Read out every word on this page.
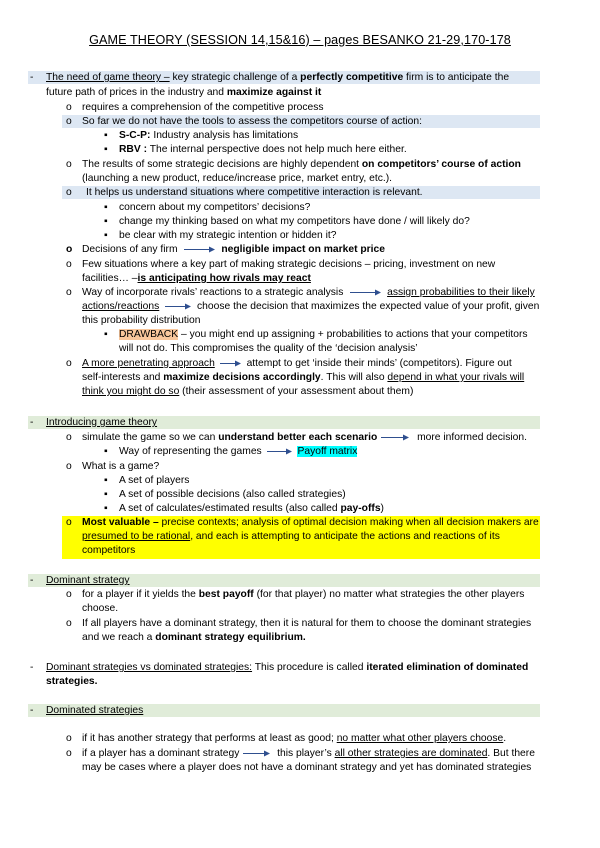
GAME THEORY (SESSION 14,15&16) – pages BESANKO 21-29,170-178
- The need of game theory – key strategic challenge of a perfectly competitive firm is to anticipate the
future path of prices in the industry and maximize against it
o requires a comprehension of the competitive process
o So far we do not have the tools to assess the competitors course of action:
▪ S-C-P: Industry analysis has limitations
▪ RBV : The internal perspective does not help much here either.
o The results of some strategic decisions are highly dependent on competitors’ course of action
(launching a new product, reduce/increase price, market entry, etc.).
o It helps us understand situations where competitive interaction is relevant.
▪ concern about my competitors’ decisions?
▪ change my thinking based on what my competitors have done / will likely do?
▪ be clear with my strategic intention or hidden it?
o Decisions of any firm	negligible impact on market price
o Few situations where a key part of making strategic decisions – pricing, investment on new
facilities… –is anticipating how rivals may react
o Way of incorporate rivals’ reactions to a strategic analysis	assign probabilities to their likely
actions/reactions	choose the decision that maximizes the expected value of your profit, given
this probability distribution
▪ DRAWBACK – you might end up assigning + probabilities to actions that your competitors
will not do. This compromises the quality of the ‘decision analysis’
o A more penetrating approach	attempt to get ‘inside their minds’ (competitors). Figure out
self-interests and maximize decisions accordingly. This will also depend in what your rivals will
think you might do so (their assessment of your assessment about them)
- Introducing game theory
o simulate the game so we can understand better each scenario	more informed decision.
▪ Way of representing the games	Payoff matrix
o What is a game?
▪ A set of players
▪ A set of possible decisions (also called strategies)
▪ A set of calculates/estimated results (also called pay-offs)
o Most valuable – precise contexts; analysis of optimal decision making when all decision makers are
presumed to be rational, and each is attempting to anticipate the actions and reactions of its
competitors
- Dominant strategy
o for a player if it yields the best payoff (for that player) no matter what strategies the other players
choose.
o If all players have a dominant strategy, then it is natural for them to choose the dominant strategies
and we reach a dominant strategy equilibrium.
- Dominant strategies vs dominated strategies: This procedure is called iterated elimination of dominated
strategies.
- Dominated strategies
o if it has another strategy that performs at least as good; no matter what other players choose.
o if a player has a dominant strategy	this player’s all other strategies are dominated. But there
may be cases where a player does not have a dominant strategy and yet has dominated strategies
